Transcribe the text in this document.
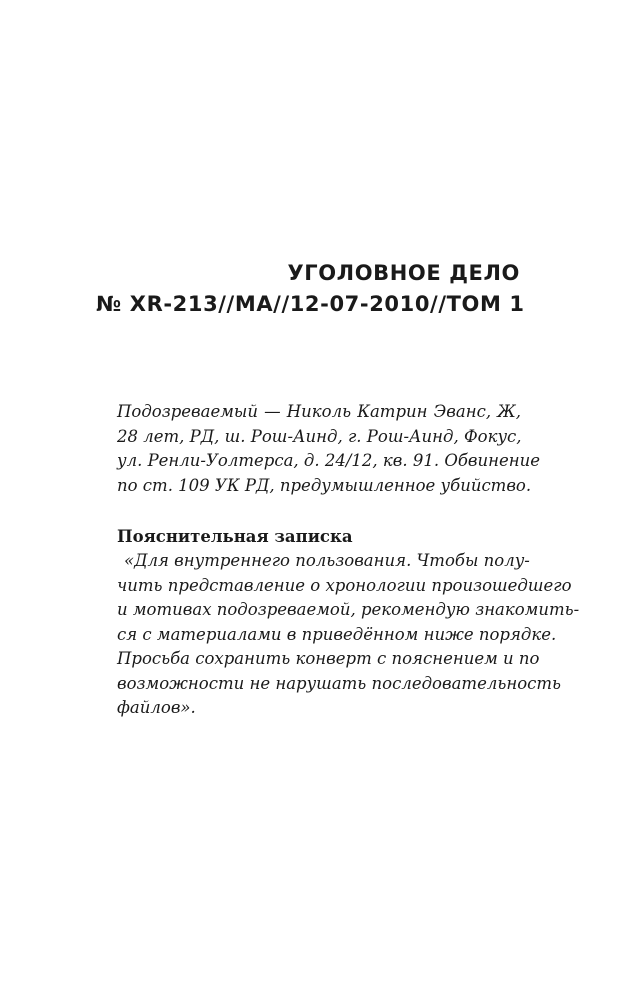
УГОЛОВНОЕ ДЕЛО
№ XR-213//MA//12-07-2010//ТОМ 1
Подозреваемый — Николь Катрин Эванс, Ж,
28 лет, РД, ш. Рош-Аинд, г. Рош-Аинд, Фокус,
ул. Ренли-Уолтерса, д. 24/12, кв. 91. Обвинение
по ст. 109 УК РД, предумышленное убийство.
Пояснительная записка
«Для внутреннего пользования. Чтобы полу-
чить представление о хронологии произошедшего
и мотивах подозреваемой, рекомендую знакомить-
ся с материалами в приведённом ниже порядке.
Просьба сохранить конверт с пояснением и по
возможности не нарушать последовательность
файлов».
